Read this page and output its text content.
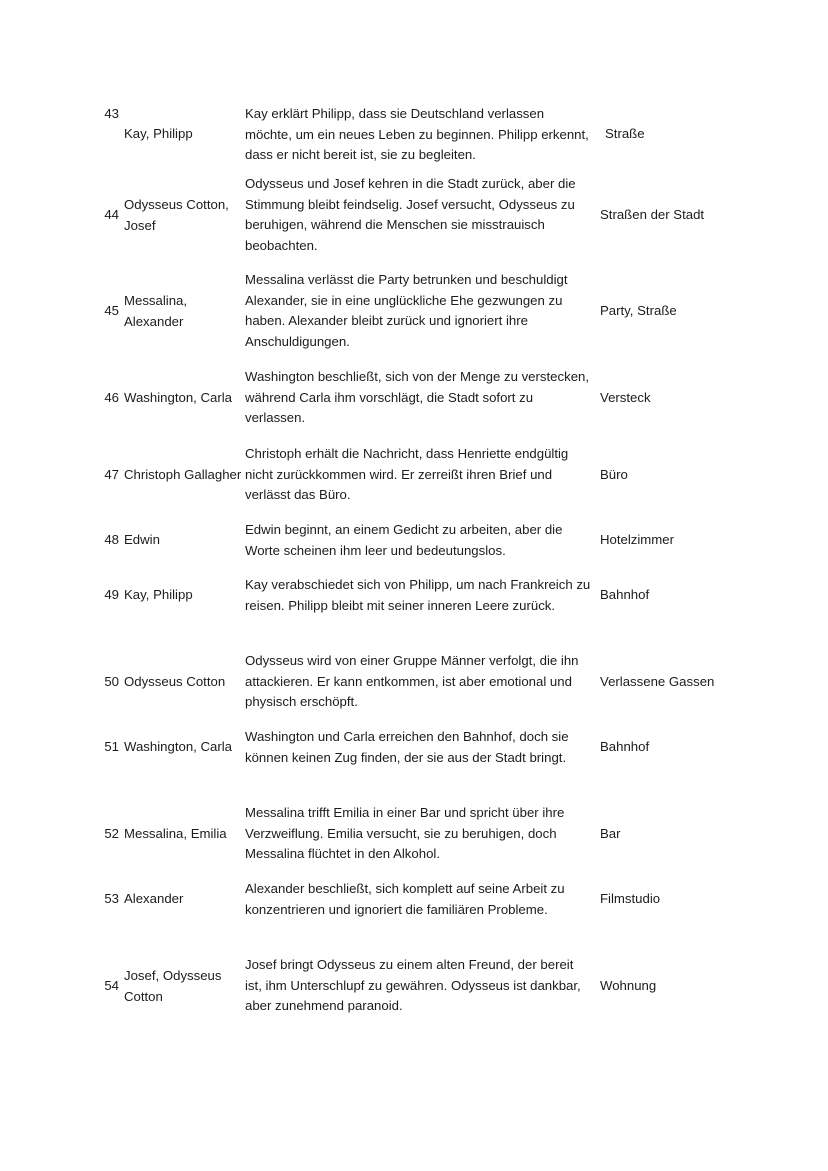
43
Kay, Philipp
Kay erklärt Philipp, dass sie Deutschland verlassen möchte, um ein neues Leben zu beginnen. Philipp erkennt, dass er nicht bereit ist, sie zu begleiten.
Straße
44
Odysseus Cotton, Josef
Odysseus und Josef kehren in die Stadt zurück, aber die Stimmung bleibt feindselig. Josef versucht, Odysseus zu beruhigen, während die Menschen sie misstrauisch beobachten.
Straßen der Stadt
45
Messalina, Alexander
Messalina verlässt die Party betrunken und beschuldigt Alexander, sie in eine unglückliche Ehe gezwungen zu haben. Alexander bleibt zurück und ignoriert ihre Anschuldigungen.
Party, Straße
46 Washington, Carla
Washington beschließt, sich von der Menge zu verstecken, während Carla ihm vorschlägt, die Stadt sofort zu verlassen.
Versteck
47 Christoph Gallagher
Christoph erhält die Nachricht, dass Henriette endgültig nicht zurückkommen wird. Er zerreißt ihren Brief und verlässt das Büro.
Büro
48 Edwin
Edwin beginnt, an einem Gedicht zu arbeiten, aber die Worte scheinen ihm leer und bedeutungslos.
Hotelzimmer
49 Kay, Philipp
Kay verabschiedet sich von Philipp, um nach Frankreich zu reisen. Philipp bleibt mit seiner inneren Leere zurück.
Bahnhof
50 Odysseus Cotton
Odysseus wird von einer Gruppe Männer verfolgt, die ihn attackieren. Er kann entkommen, ist aber emotional und physisch erschöpft.
Verlassene Gassen
51 Washington, Carla
Washington und Carla erreichen den Bahnhof, doch sie können keinen Zug finden, der sie aus der Stadt bringt.
Bahnhof
52 Messalina, Emilia
Messalina trifft Emilia in einer Bar und spricht über ihre Verzweiflung. Emilia versucht, sie zu beruhigen, doch Messalina flüchtet in den Alkohol.
Bar
53 Alexander
Alexander beschließt, sich komplett auf seine Arbeit zu konzentrieren und ignoriert die familiären Probleme.
Filmstudio
54
Josef, Odysseus Cotton
Josef bringt Odysseus zu einem alten Freund, der bereit ist, ihm Unterschlupf zu gewähren. Odysseus ist dankbar, aber zunehmend paranoid.
Wohnung
